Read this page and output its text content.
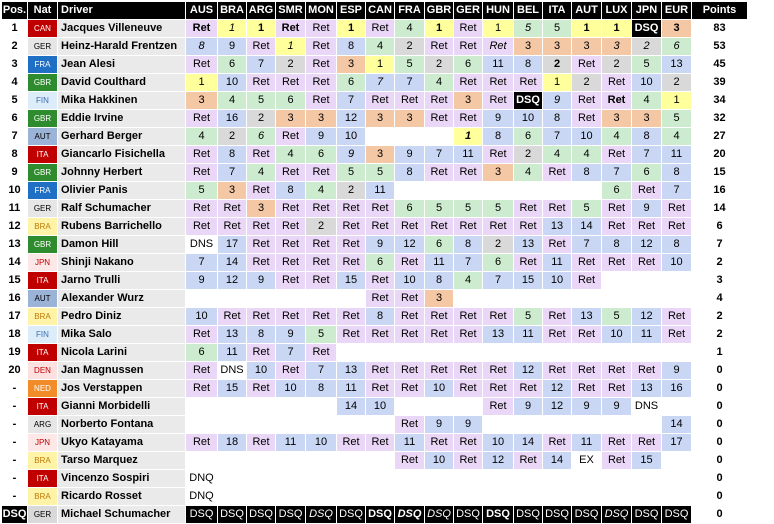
Pos.	Nat	Driver	AUS	BRA	ARG	SMR	MON	ESP	CAN	FRA	GBR	GER	HUN	BEL	ITA	AUT	LUX	JPN	EUR	Points
1	CAN	Jacques Villeneuve	Ret	1	1	Ret	Ret	1	Ret	4	1	Ret	1	5	5	1	1	DSQ	3	83
2	GER	Heinz-Harald Frentzen	8	9	Ret	1	Ret	8	4	2	Ret	Ret	Ret	3	3	3	3	2	6	53
3	FRA	Jean Alesi	Ret	6	7	2	Ret	3	1	5	2	6	11	8	2	Ret	2	5	13	45
4	GBR	David Coulthard	1	10	Ret	Ret	Ret	6	7	7	4	Ret	Ret	Ret	1	2	Ret	10	2	39
5	FIN	Mika Hakkinen	3	4	5	6	Ret	7	Ret	Ret	Ret	3	Ret	DSQ	9	Ret	Ret	4	1	34
6	GBR	Eddie Irvine	Ret	16	2	3	3	12	3	3	Ret	Ret	9	10	8	Ret	3	3	5	32
7	AUT	Gerhard Berger	4	2	6	Ret	9	10				1	8	6	7	10	4	8	4	27
8	ITA	Giancarlo Fisichella	Ret	8	Ret	4	6	9	3	9	7	11	Ret	2	4	4	Ret	7	11	20
9	GBR	Johnny Herbert	Ret	7	4	Ret	Ret	5	5	8	Ret	Ret	3	4	Ret	8	7	6	8	15
10	FRA	Olivier Panis	5	3	Ret	8	4	2	11								6	Ret	7	16
11	GER	Ralf Schumacher	Ret	Ret	3	Ret	Ret	Ret	Ret	6	5	5	5	Ret	Ret	5	Ret	9	Ret	14
12	BRA	Rubens Barrichello	Ret	Ret	Ret	Ret	2	Ret	Ret	Ret	Ret	Ret	Ret	Ret	13	14	Ret	Ret	Ret	6
13	GBR	Damon Hill	DNS	17	Ret	Ret	Ret	Ret	9	12	6	8	2	13	Ret	7	8	12	8	7
14	JPN	Shinji Nakano	7	14	Ret	Ret	Ret	Ret	6	Ret	11	7	6	Ret	11	Ret	Ret	Ret	10	2
15	ITA	Jarno Trulli	9	12	9	Ret	Ret	15	Ret	10	8	4	7	15	10	Ret				3
16	AUT	Alexander Wurz							Ret	Ret	3									4
17	BRA	Pedro Diniz	10	Ret	Ret	Ret	Ret	Ret	8	Ret	Ret	Ret	Ret	5	Ret	13	5	12	Ret	2
18	FIN	Mika Salo	Ret	13	8	9	5	Ret	Ret	Ret	Ret	Ret	13	11	Ret	Ret	10	11	Ret	2
19	ITA	Nicola Larini	6	11	Ret	7	Ret													1
20	DEN	Jan Magnussen	Ret	DNS	10	Ret	7	13	Ret	Ret	Ret	Ret	Ret	12	Ret	Ret	Ret	Ret	9	0
-	NED	Jos Verstappen	Ret	15	Ret	10	8	11	Ret	Ret	10	Ret	Ret	Ret	12	Ret	Ret	13	16	0
-	ITA	Gianni Morbidelli						14	10				Ret	9	12	9	9	DNS		0
-	ARG	Norberto Fontana								Ret	9	9							14	0
-	JPN	Ukyo Katayama	Ret	18	Ret	11	10	Ret	Ret	11	Ret	Ret	10	14	Ret	11	Ret	Ret	17	0
-	BRA	Tarso Marquez								Ret	10	Ret	12	Ret	14	EX	Ret	15		0
-	ITA	Vincenzo Sospiri	DNQ																	0
-	BRA	Ricardo Rosset	DNQ																	0
DSQ	GER	Michael Schumacher	DSQ	DSQ	DSQ	DSQ	DSQ	DSQ	DSQ	DSQ	DSQ	DSQ	DSQ	DSQ	DSQ	DSQ	DSQ	DSQ	DSQ	0
